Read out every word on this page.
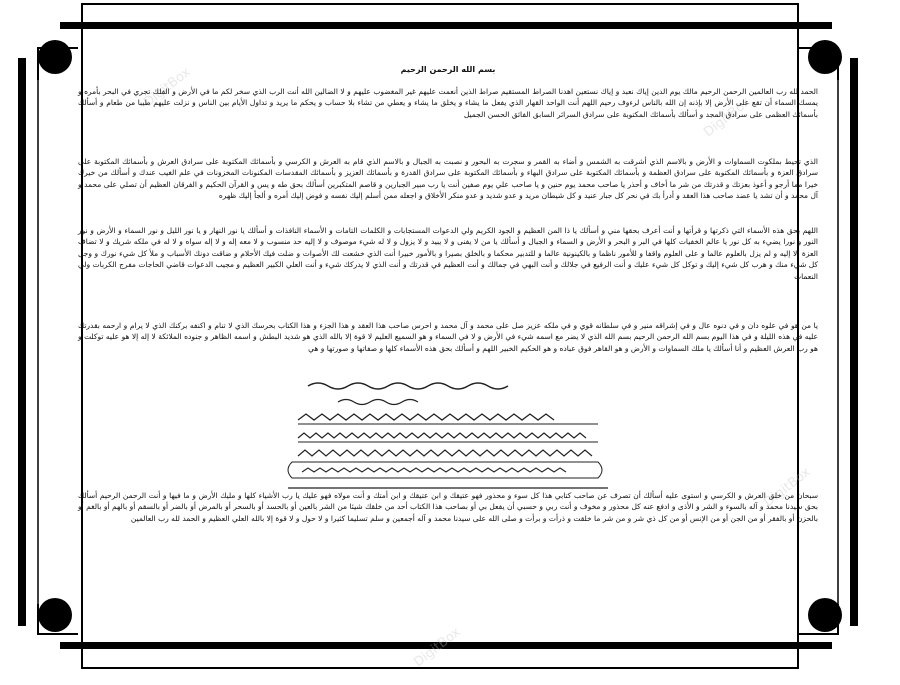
DigitBox
DigitBox
DigitBox
DigitBox
بسم الله الرحمن الرحيم

الحمد لله رب العالمين الرحمن الرحيم مالك يوم الدين إياك نعبد و إياك نستعين اهدنا الصراط المستقيم صراط الذين أنعمت عليهم غير المغضوب عليهم و لا الضالين الله أنت الرب الذي سخر لكم ما في الأرض و الفلك تجري في البحر بأمره و يمسك السماء أن تقع على الأرض إلا بإذنه إن الله بالناس لرءوف رحيم اللهم أنت الواحد القهار الذي يفعل ما يشاء و يخلق ما يشاء و يعطي من تشاء بلا حساب و يحكم ما يريد و تداول الأيام بين الناس و نزلت عليهم طيبا من طعام و أسألك بأسمائك العظمى على سرادق المجد و أسألك بأسمائك المكتوبة على سرادق السرائر السابق الفائق الحسن الجميل

الذي تحيط بملكوت السماوات و الأرض و بالاسم الذي أشرقت به الشمس و أضاء به القمر و سجرت به البحور و نصبت به الجبال و بالاسم الذي قام به العرش و الكرسي و بأسمائك المكتوبة على سرادق العرش و بأسمائك المكتوبة على سرادق العزة و بأسمائك المكتوبة على سرادق العظمة و بأسمائك المكتوبة على سرادق البهاء و بأسمائك المكتوبة على سرادق القدرة و بأسمائك العزيز و بأسمائك المقدسات المكنونات المخزونات في علم الغيب عندك و أسألك من خيرك خيرا مما أرجو و أعوذ بعزتك و قدرتك من شر ما أخاف و أحذر يا صاحب محمد يوم حنين و يا صاحب علي يوم صفين أنت يا رب مبير الجبارين و قاصم المتكبرين أسألك بحق طه و يس و القرآن الحكيم و الفرقان العظيم أن تصلي على محمد و آل محمد و أن تشد يا عضد صاحب هذا العقد و أدرأ بك في نحر كل جبار عنيد و كل شيطان مريد و عدو شديد و عدو منكر الأخلاق و اجعله ممن أسلم إليك نفسه و فوض إليك أمره و ألجأ إليك ظهره

اللهم بحق هذه الأسماء التي ذكرتها و قرأتها و أنت أعرف بحقها مني و أسألك يا ذا المن العظيم و الجود الكريم ولي الدعوات المستجابات و الكلمات التامات و الأسماء النافذات و أسألك يا نور النهار و يا نور الليل و نور السماء و الأرض و نور النور و نورا يضيء به كل نور يا عالم الخفيات كلها في البر و البحر و الأرض و السماء و الجبال و أسألك يا من لا يفنى و لا يبيد و لا يزول و لا له شيء موصوف و لا إليه حد منسوب و لا معه إله و لا إله سواه و لا له في ملكه شريك و لا تضاف العزة إلا إليه و لم يزل بالعلوم عالما و على العلوم واقفا و للأمور ناظما و بالكينونية عالما و للتدبير محكما و بالخلق بصيرا و بالأمور خبيرا أنت الذي خشعت لك الأصوات و ضلت فيك الأحلام و ضاقت دونك الأسباب و ملأ كل شيء نورك و وجل كل شيء منك و هرب كل شيء إليك و توكل كل شيء عليك و أنت الرفيع في جلالك و أنت البهي في جمالك و أنت العظيم في قدرتك و أنت الذي لا يدركك شيء و أنت العلي الكبير العظيم و مجيب الدعوات قاضي الحاجات مفرج الكربات ولي النعمات

يا من هو في علوه دان و في دنوه عال و في إشراقه منير و في سلطانه قوي و في ملكه عزيز صل على محمد و آل محمد و احرس صاحب هذا العقد و هذا الجزء و هذا الكتاب بحرسك الذي لا تنام و اكنفه بركنك الذي لا يرام و ارحمه بقدرتك عليه في هذه الليلة و في هذا اليوم بسم الله الرحمن الرحيم بسم الله الذي لا يضر مع اسمه شيء في الأرض و لا في السماء و هو السميع العليم لا قوة إلا بالله الذي هو شديد البطش و اسمه الظاهر و جنوده الملائكة لا إله إلا هو عليه توكلت و هو رب العرش العظيم و أنا أسألك يا ملك السماوات و الأرض و هو القاهر فوق عباده و هو الحكيم الخبير اللهم و أسألك بحق هذه الأسماء كلها و صفاتها و صورتها و هي

سبحان من خلق العرش و الكرسي و استوى عليه أسألك أن تصرف عن صاحب كتابي هذا كل سوء و محذور فهو عتيقك و ابن عتيقك و ابن أمتك و أنت مولاه فهو عليك يا رب الأشياء كلها و مليك الأرض و ما فيها و أنت الرحمن الرحيم أسألك بحق سيدنا محمد و آله بالسوء و الشر و الأذى و ادفع عنه كل محذور و مخوف و أنت ربي و حسبي أن يفعل بي أو بصاحب هذا الكتاب أحد من خلقك شيئا من الشر بالعين أو بالحسد أو بالسحر أو بالمرض أو بالضر أو بالسقم أو بالهم أو بالغم أو بالحزن أو بالفقر أو من الجن أو من الإنس أو من كل ذي شر و من شر ما خلقت و ذرأت و برأت و صلى الله على سيدنا محمد و آله أجمعين و سلم تسليما كثيرا و لا حول و لا قوة إلا بالله العلي العظيم و الحمد لله رب العالمين
